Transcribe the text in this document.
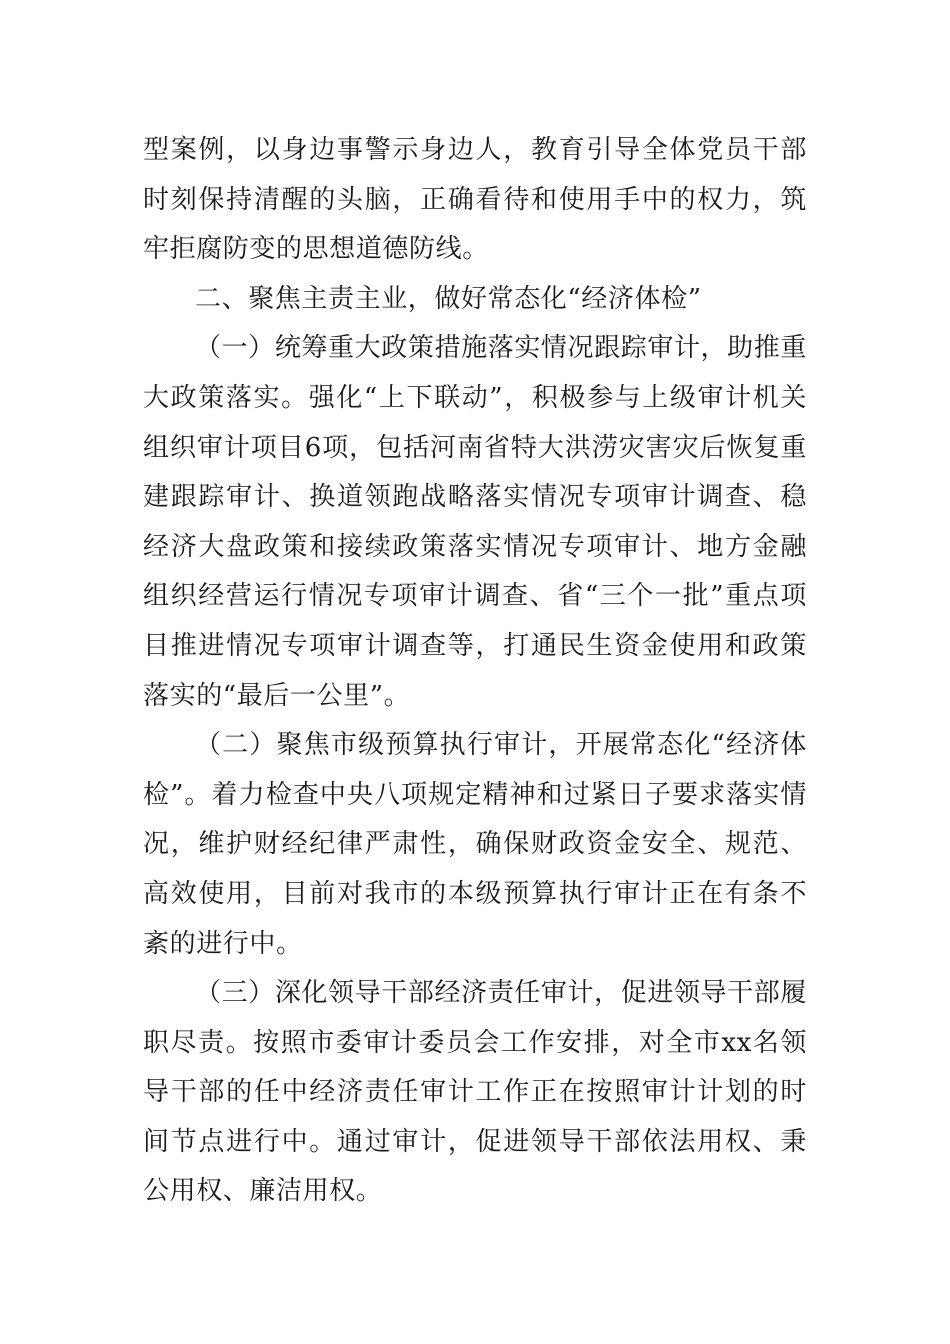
型案例，以身边事警示身边人，教育引导全体党员干部时刻保持清醒的头脑，正确看待和使用手中的权力，筑牢拒腐防变的思想道德防线。

二、聚焦主责主业，做好常态化“经济体检”

（一）统筹重大政策措施落实情况跟踪审计，助推重大政策落实。强化“上下联动”，积极参与上级审计机关组织审计项目6项，包括河南省特大洪涝灾害灾后恢复重建跟踪审计、换道领跑战略落实情况专项审计调查、稳经济大盘政策和接续政策落实情况专项审计、地方金融组织经营运行情况专项审计调查、省“三个一批”重点项目推进情况专项审计调查等，打通民生资金使用和政策落实的“最后一公里”。

（二）聚焦市级预算执行审计，开展常态化“经济体检”。着力检查中央八项规定精神和过紧日子要求落实情况，维护财经纪律严肃性，确保财政资金安全、规范、高效使用，目前对我市的本级预算执行审计正在有条不紊的进行中。

（三）深化领导干部经济责任审计，促进领导干部履职尽责。按照市委审计委员会工作安排，对全市xx名领导干部的任中经济责任审计工作正在按照审计计划的时间节点进行中。通过审计，促进领导干部依法用权、秉公用权、廉洁用权。
